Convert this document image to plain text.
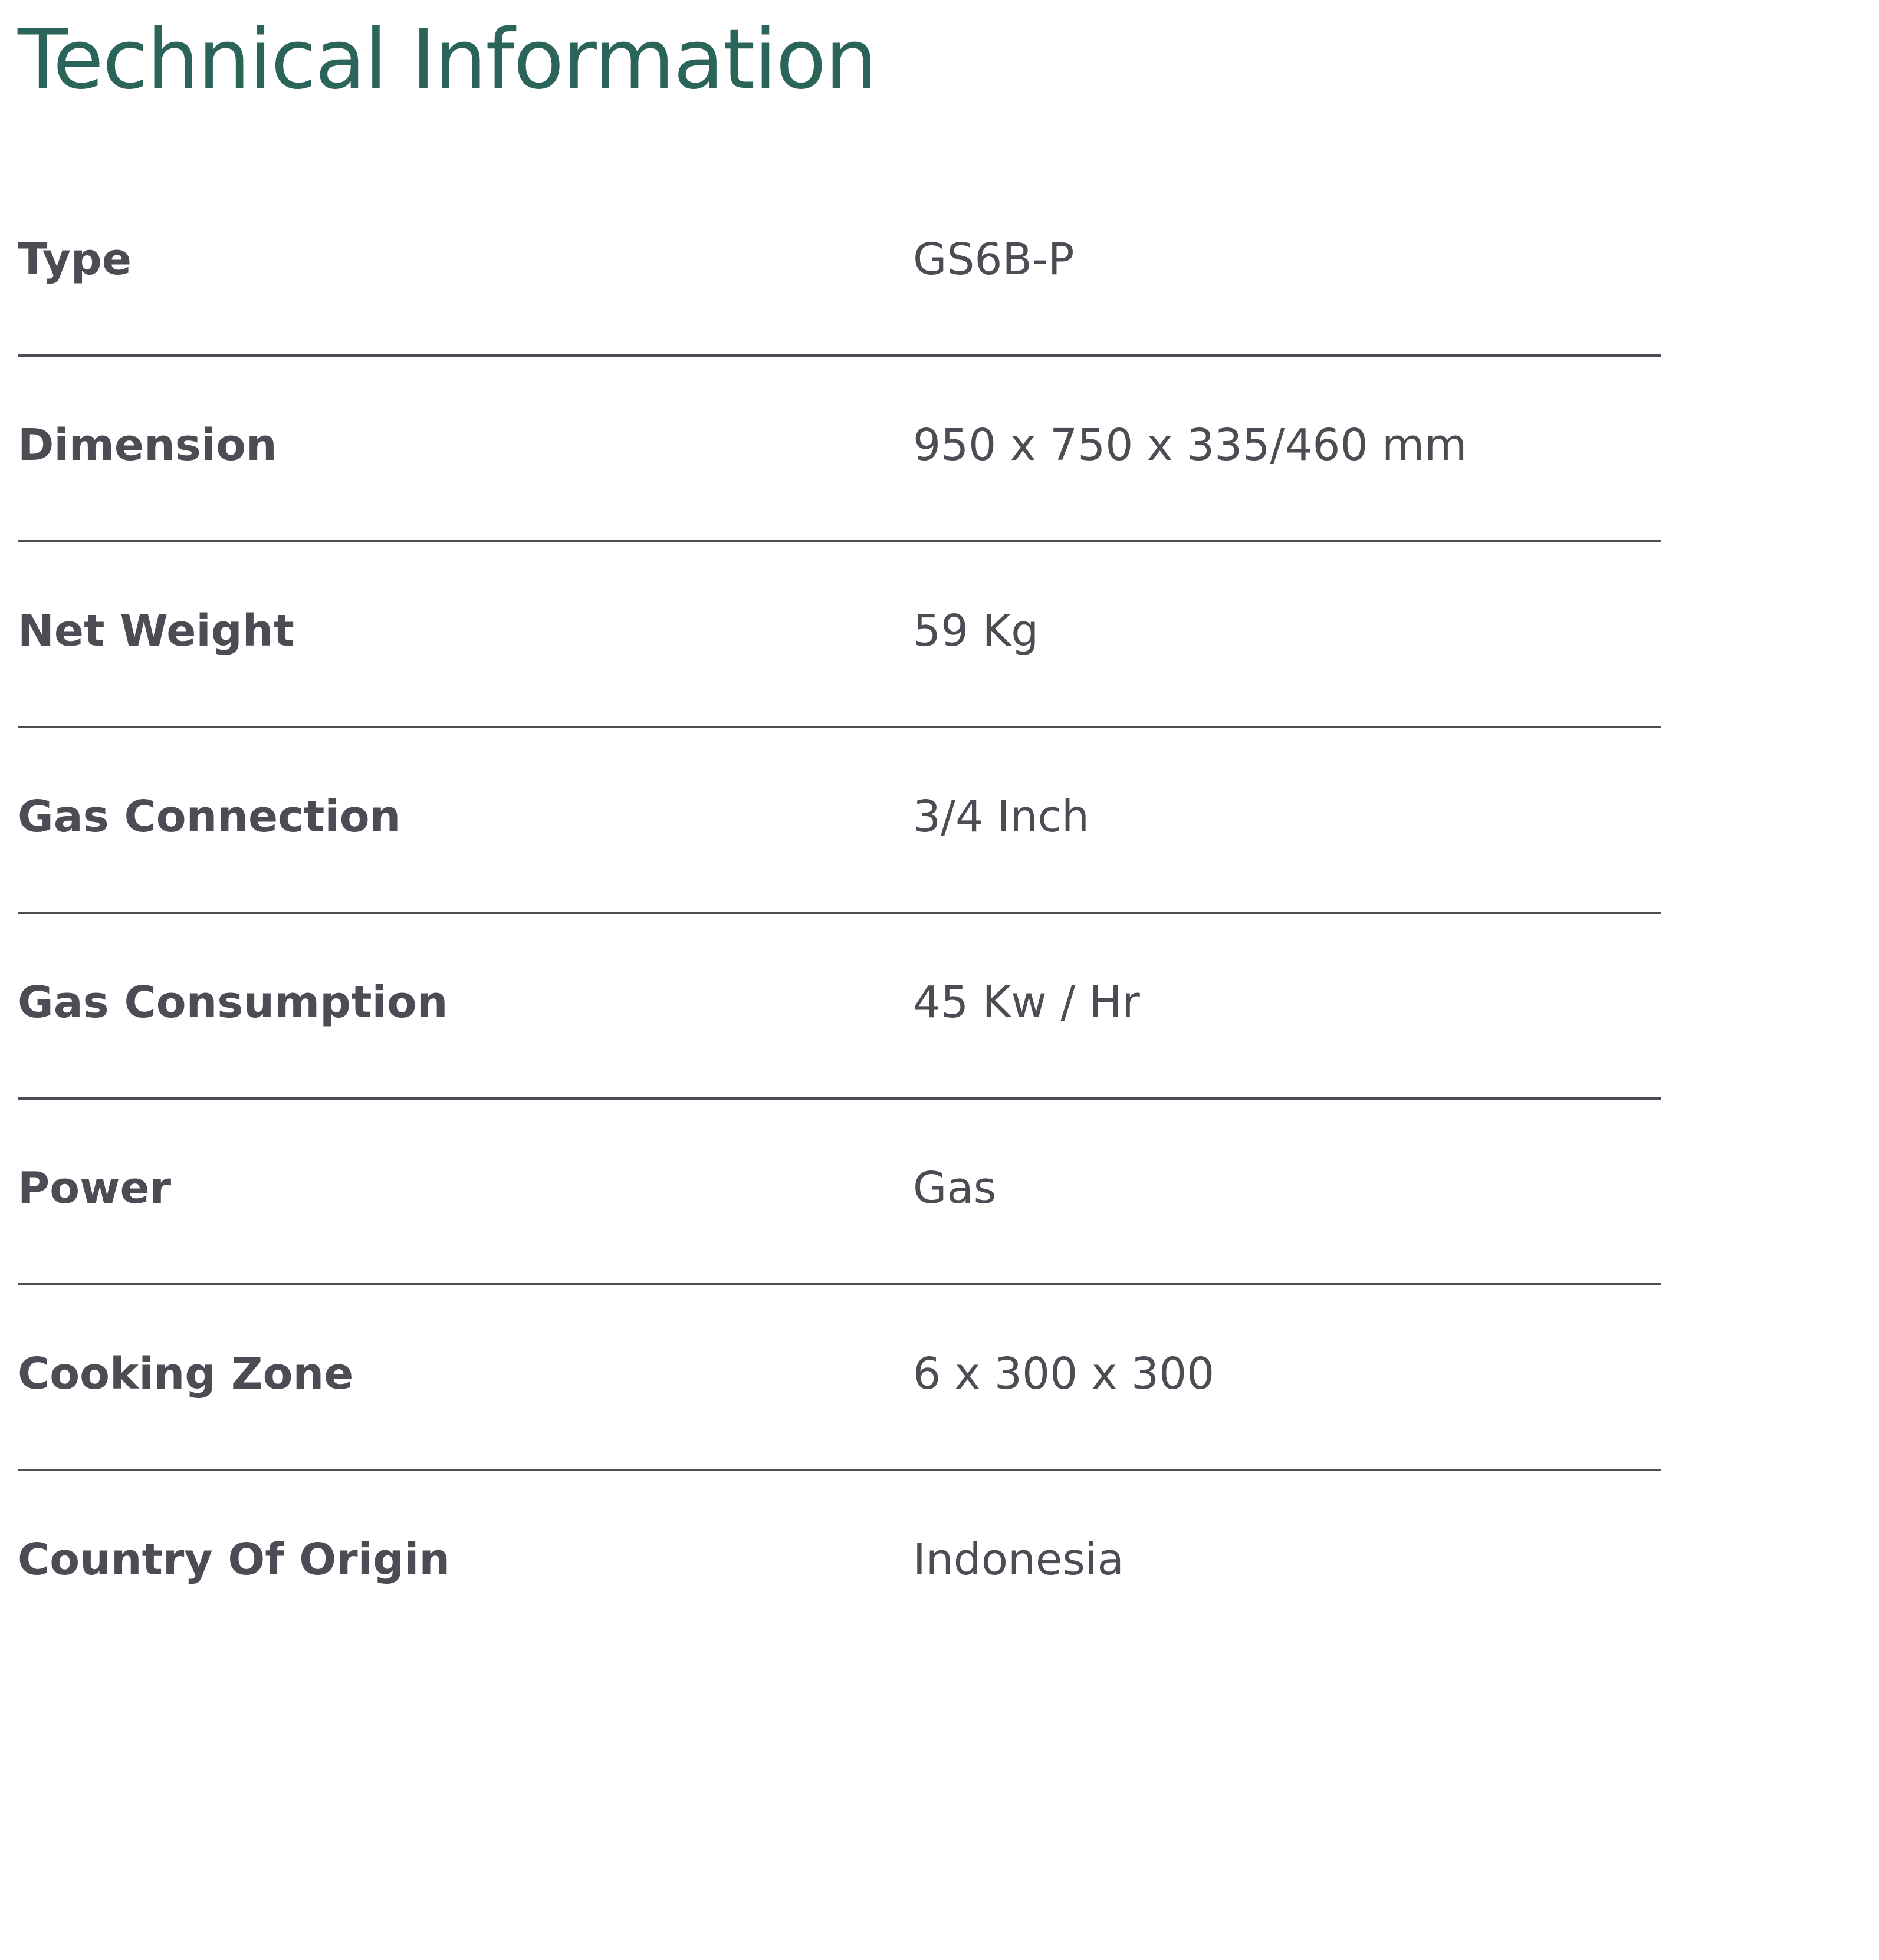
Technical Information
Type	GS6B-P
Dimension	950 x 750 x 335/460 mm
Net Weight	59 Kg
Gas Connection	3/4 Inch
Gas Consumption	45 Kw / Hr
Power	Gas
Cooking Zone	6 x 300 x 300
Country Of Origin	Indonesia
